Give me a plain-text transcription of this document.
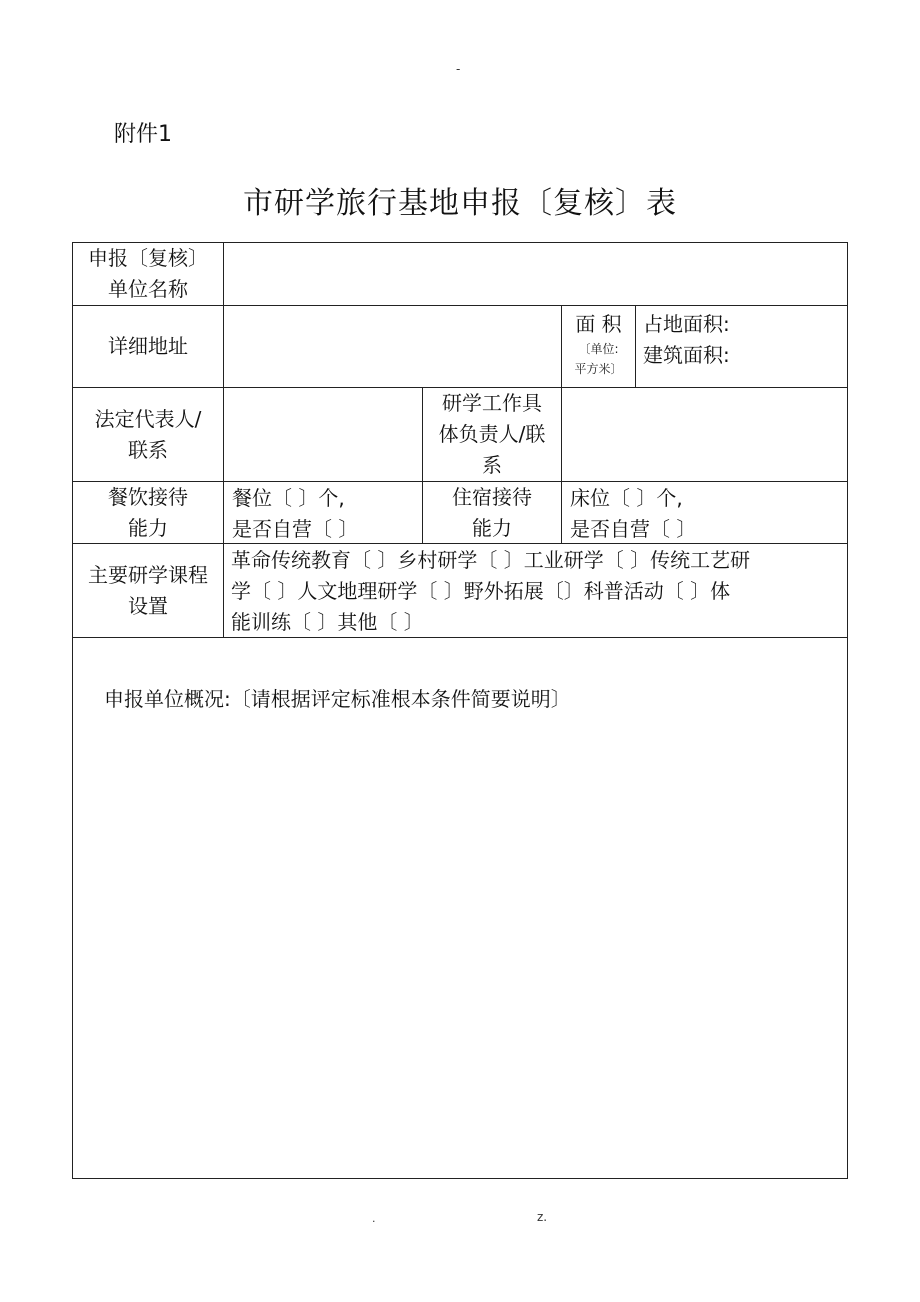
-
附件1
市研学旅行基地申报〔复核〕表
申报〔复核〕
单位名称
详细地址
面 积
〔单位:
平方米〕
占地面积:
建筑面积:
法定代表人/
联系
研学工作具
体负责人/联
系
餐饮接待
能力
餐位〔 〕个,
是否自营〔 〕
住宿接待
能力
床位〔 〕个,
是否自营〔 〕
主要研学课程
设置
革命传统教育〔 〕乡村研学〔 〕工业研学〔 〕传统工艺研
学〔 〕人文地理研学〔 〕野外拓展〔〕科普活动〔 〕体
能训练〔 〕其他〔 〕
申报单位概况:〔请根据评定标准根本条件简要说明〕
.	z.
